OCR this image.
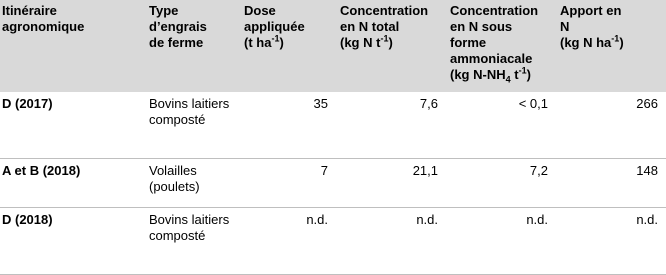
Itinéraire
agronomique	Type
d’engrais
de ferme	Dose
appliquée
(t $ha^{-1}$)	Concentration
en N total
(kg N $t^{-1}$)	Concentration
en N sous
forme
ammoniacale
(kg $N-NH_4$ $t^{-1}$)	Apport en
N
(kg N $ha^{-1}$)

D (2017)	Bovins laitiers composté	35	7,6	< 0,1	266
A et B (2018)	Volailles (poulets)	7	21,1	7,2	148
D (2018)	Bovins laitiers composté	n.d.	n.d.	n.d.	n.d.
